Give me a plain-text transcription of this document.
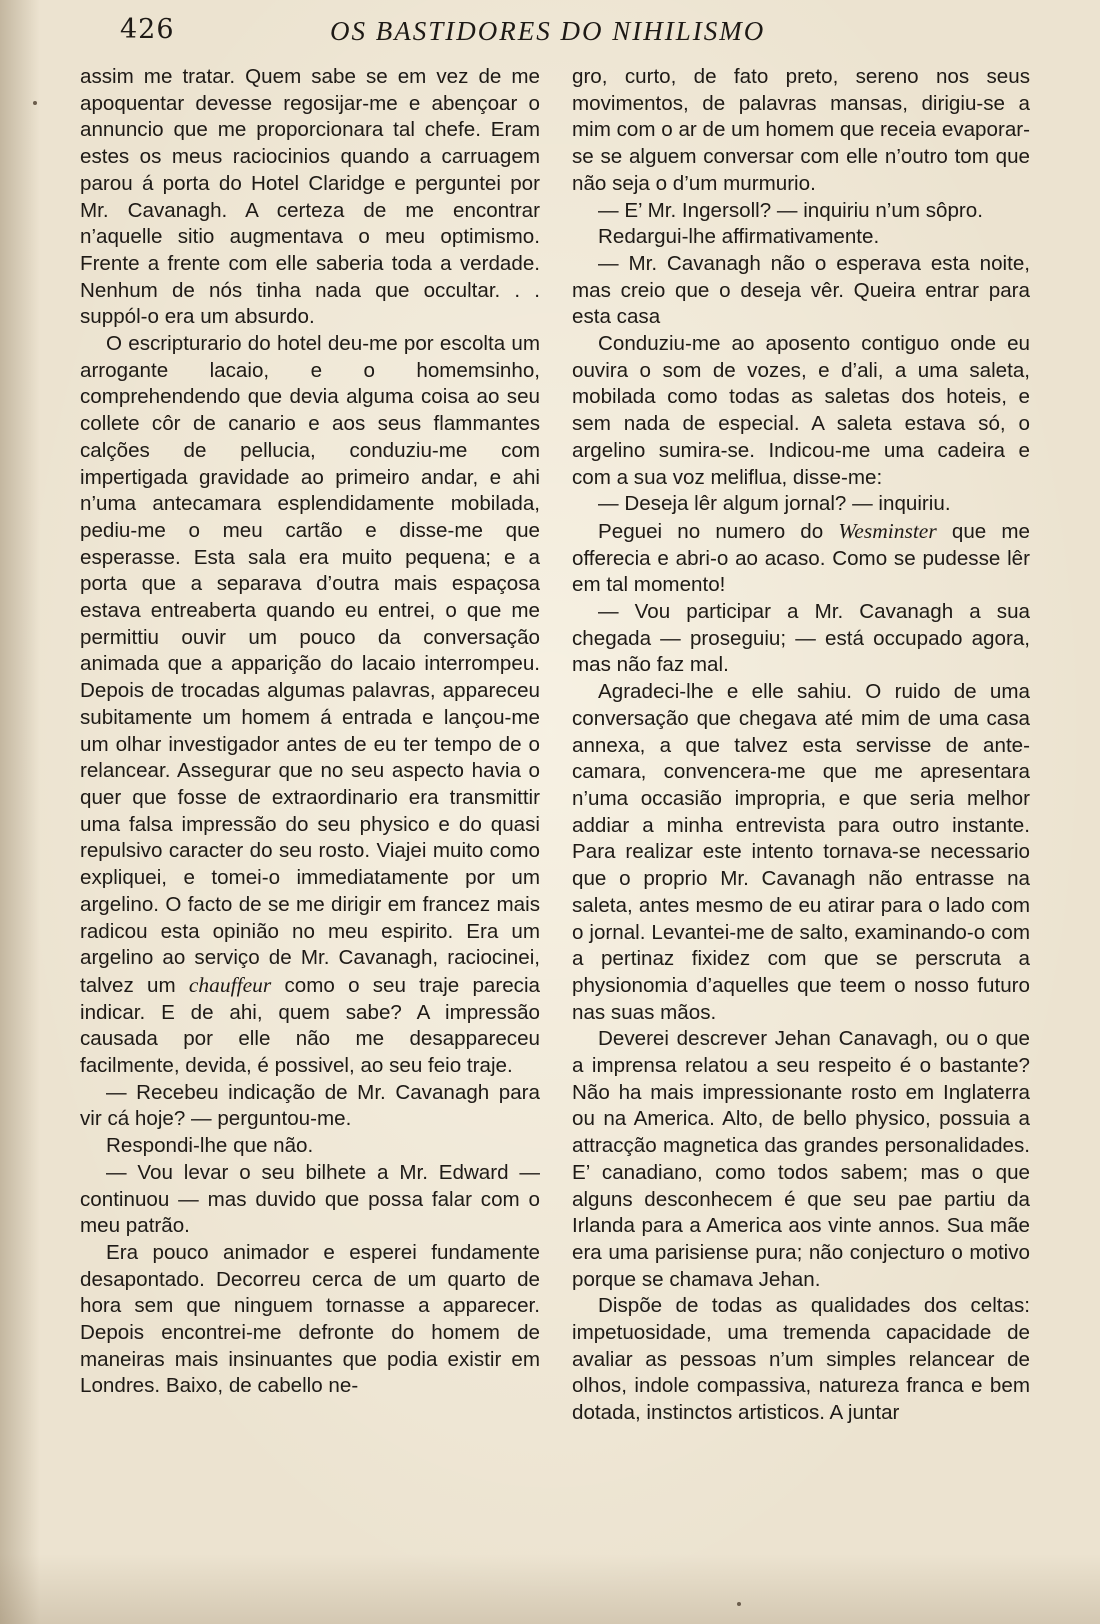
426	OS BASTIDORES DO NIHILISMO

assim me tratar. Quem sabe se em vez de me apoquentar devesse regosijar-me e abençoar o annuncio que me proporcionara tal chefe. Eram estes os meus raciocinios quando a carruagem parou á porta do Hotel Claridge e perguntei por Mr. Cavanagh. A certeza de me encontrar n’aquelle sitio augmentava o meu optimismo. Frente a frente com elle saberia toda a verdade. Nenhum de nós tinha nada que occultar. . . suppól-o era um absurdo.

O escripturario do hotel deu-me por escolta um arrogante lacaio, e o homemsinho, comprehendendo que devia alguma coisa ao seu collete côr de canario e aos seus flammantes calções de pellucia, conduziu-me com impertigada gravidade ao primeiro andar, e ahi n’uma antecamara esplendidamente mobilada, pediu-me o meu cartão e disse-me que esperasse. Esta sala era muito pequena; e a porta que a separava d’outra mais espaçosa estava entreaberta quando eu entrei, o que me permittiu ouvir um pouco da conversação animada que a apparição do lacaio interrompeu. Depois de trocadas algumas palavras, appareceu subitamente um homem á entrada e lançou-me um olhar investigador antes de eu ter tempo de o relancear. Assegurar que no seu aspecto havia o quer que fosse de extraordinario era transmittir uma falsa impressão do seu physico e do quasi repulsivo caracter do seu rosto. Viajei muito como expliquei, e tomei-o immediatamente por um argelino. O facto de se me dirigir em francez mais radicou esta opinião no meu espirito. Era um argelino ao serviço de Mr. Cavanagh, raciocinei, talvez um chauffeur como o seu traje parecia indicar. E de ahi, quem sabe? A impressão causada por elle não me desappareceu facilmente, devida, é possivel, ao seu feio traje.

— Recebeu indicação de Mr. Cavanagh para vir cá hoje? — perguntou-me.

Respondi-lhe que não.

— Vou levar o seu bilhete a Mr. Edward — continuou — mas duvido que possa falar com o meu patrão.

Era pouco animador e esperei fundamente desapontado. Decorreu cerca de um quarto de hora sem que ninguem tornasse a apparecer. Depois encontrei-me defronte do homem de maneiras mais insinuantes que podia existir em Londres. Baixo, de cabello ne-

gro, curto, de fato preto, sereno nos seus movimentos, de palavras mansas, dirigiu-se a mim com o ar de um homem que receia evaporar-se se alguem conversar com elle n’outro tom que não seja o d’um murmurio.

— E’ Mr. Ingersoll? — inquiriu n’um sôpro.

Redargui-lhe affirmativamente.

— Mr. Cavanagh não o esperava esta noite, mas creio que o deseja vêr. Queira entrar para esta casa

Conduziu-me ao aposento contiguo onde eu ouvira o som de vozes, e d’ali, a uma saleta, mobilada como todas as saletas dos hoteis, e sem nada de especial. A saleta estava só, o argelino sumira-se. Indicou-me uma cadeira e com a sua voz meliflua, disse-me:

— Deseja lêr algum jornal? — inquiriu.

Peguei no numero do Wesminster que me offerecia e abri-o ao acaso. Como se pudesse lêr em tal momento!

— Vou participar a Mr. Cavanagh a sua chegada — proseguiu; — está occupado agora, mas não faz mal.

Agradeci-lhe e elle sahiu. O ruido de uma conversação que chegava até mim de uma casa annexa, a que talvez esta servisse de ante-camara, convencera-me que me apresentara n’uma occasião impropria, e que seria melhor addiar a minha entrevista para outro instante. Para realizar este intento tornava-se necessario que o proprio Mr. Cavanagh não entrasse na saleta, antes mesmo de eu atirar para o lado com o jornal. Levantei-me de salto, examinando-o com a pertinaz fixidez com que se perscruta a physionomia d’aquelles que teem o nosso futuro nas suas mãos.

Deverei descrever Jehan Canavagh, ou o que a imprensa relatou a seu respeito é o bastante? Não ha mais impressionante rosto em Inglaterra ou na America. Alto, de bello physico, possuia a attracção magnetica das grandes personalidades. E’ canadiano, como todos sabem; mas o que alguns desconhecem é que seu pae partiu da Irlanda para a America aos vinte annos. Sua mãe era uma parisiense pura; não conjecturo o motivo porque se chamava Jehan.

Dispõe de todas as qualidades dos celtas: impetuosidade, uma tremenda capacidade de avaliar as pessoas n’um simples relancear de olhos, indole compassiva, natureza franca e bem dotada, instinctos artisticos. A juntar
